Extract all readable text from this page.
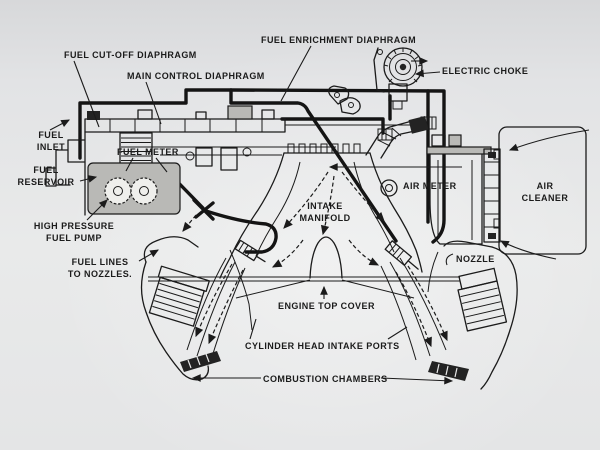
FUEL CUT-OFF DIAPHRAGM
MAIN CONTROL DIAPHRAGM
FUEL ENRICHMENT DIAPHRAGM
ELECTRIC CHOKE
FUEL
INLET	FUEL METER
FUEL
RESERVOIR
HIGH PRESSURE
FUEL PUMP
FUEL LINES
TO NOZZLES.
INTAKE
MANIFOLD
AIR METER	AIR
CLEANER
NOZZLE
ENGINE TOP COVER
CYLINDER HEAD INTAKE PORTS
COMBUSTION CHAMBERS
